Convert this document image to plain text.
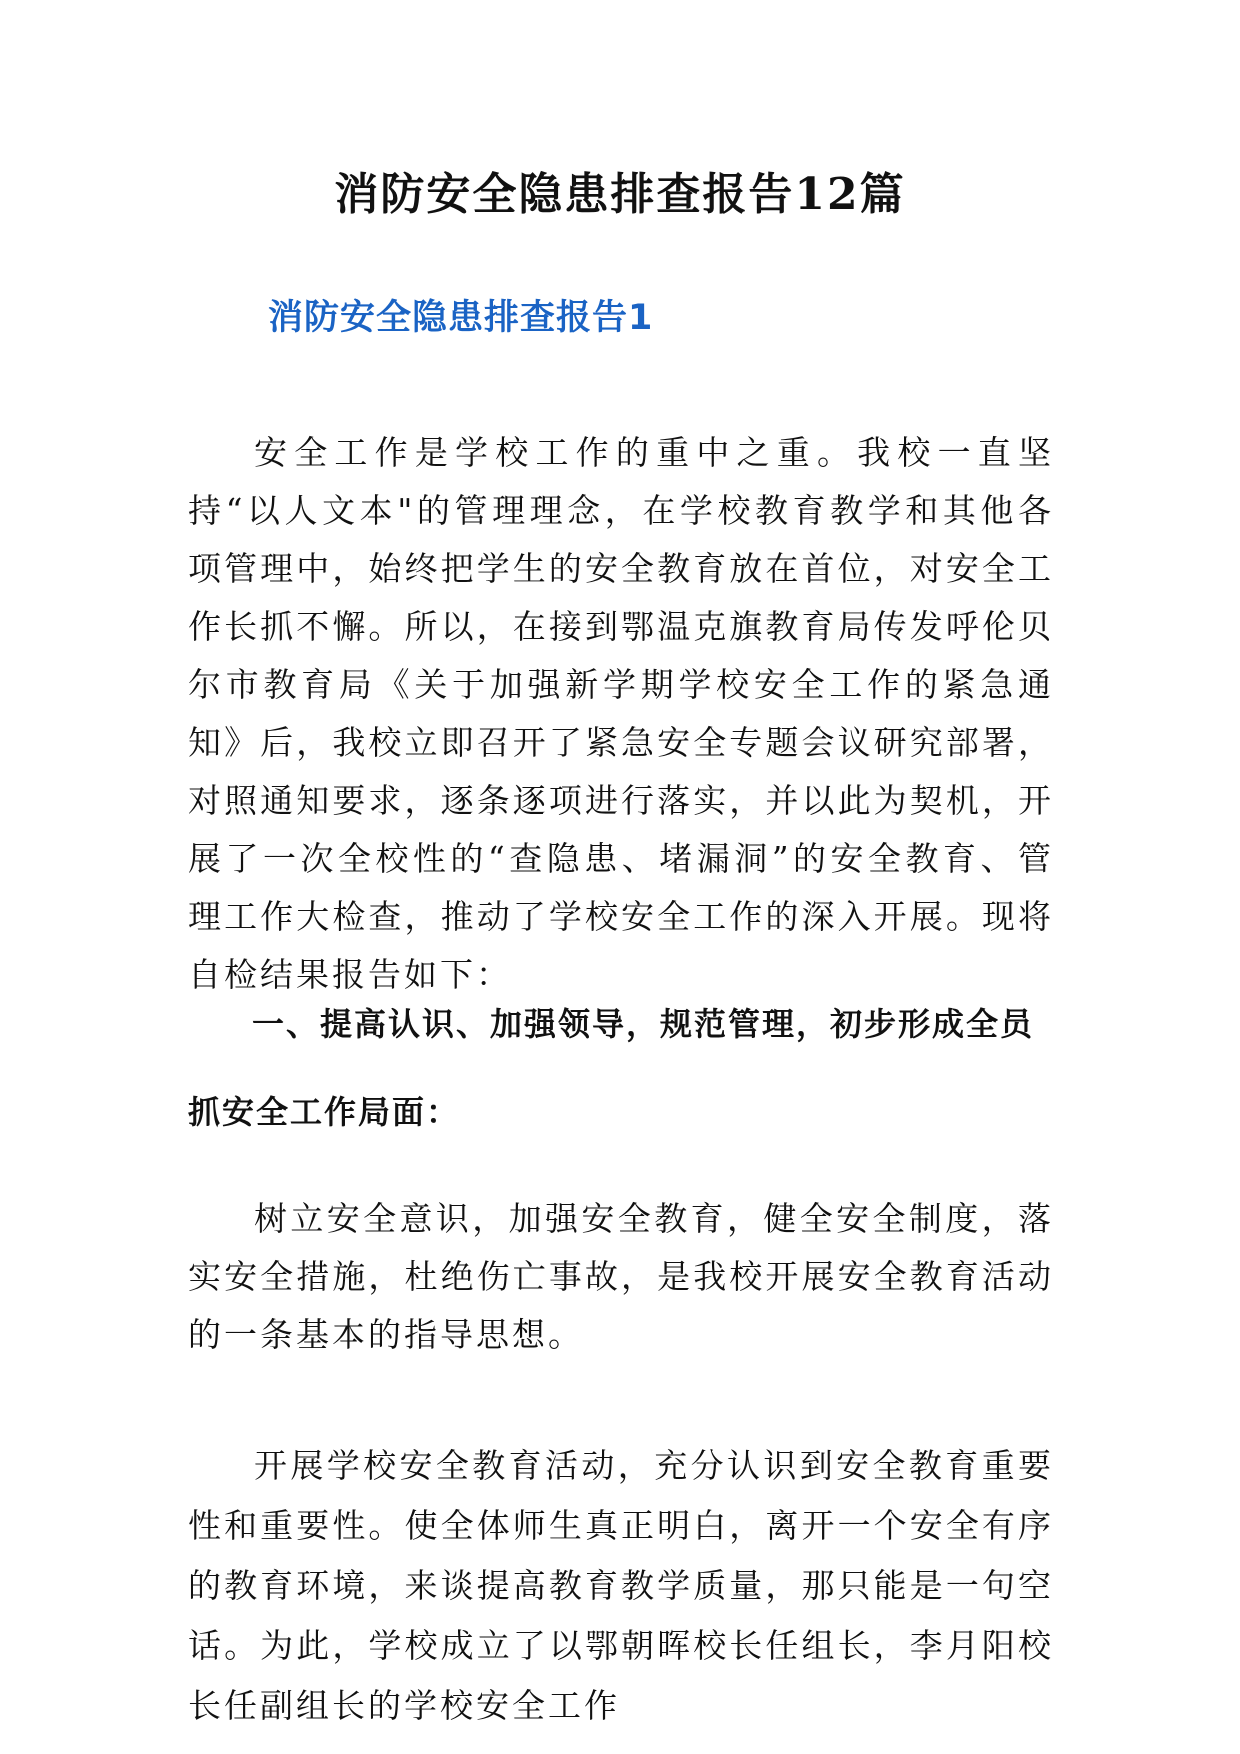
消防安全隐患排查报告12篇
消防安全隐患排查报告1

安全工作是学校工作的重中之重。我校一直坚持“以人文本"的管理理念，在学校教育教学和其他各项管理中，始终把学生的安全教育放在首位，对安全工作长抓不懈。所以，在接到鄂温克旗教育局传发呼伦贝尔市教育局《关于加强新学期学校安全工作的紧急通知》后，我校立即召开了紧急安全专题会议研究部署，对照通知要求，逐条逐项进行落实，并以此为契机，开展了一次全校性的“查隐患、堵漏洞”的安全教育、管理工作大检查，推动了学校安全工作的深入开展。现将自检结果报告如下：

一、提高认识、加强领导，规范管理，初步形成全员抓安全工作局面：

树立安全意识，加强安全教育，健全安全制度，落实安全措施，杜绝伤亡事故，是我校开展安全教育活动的一条基本的指导思想。

开展学校安全教育活动，充分认识到安全教育重要性和重要性。使全体师生真正明白，离开一个安全有序的教育环境，来谈提高教育教学质量，那只能是一句空话。为此，学校成立了以鄂朝晖校长任组长，李月阳校长任副组长的学校安全工作
